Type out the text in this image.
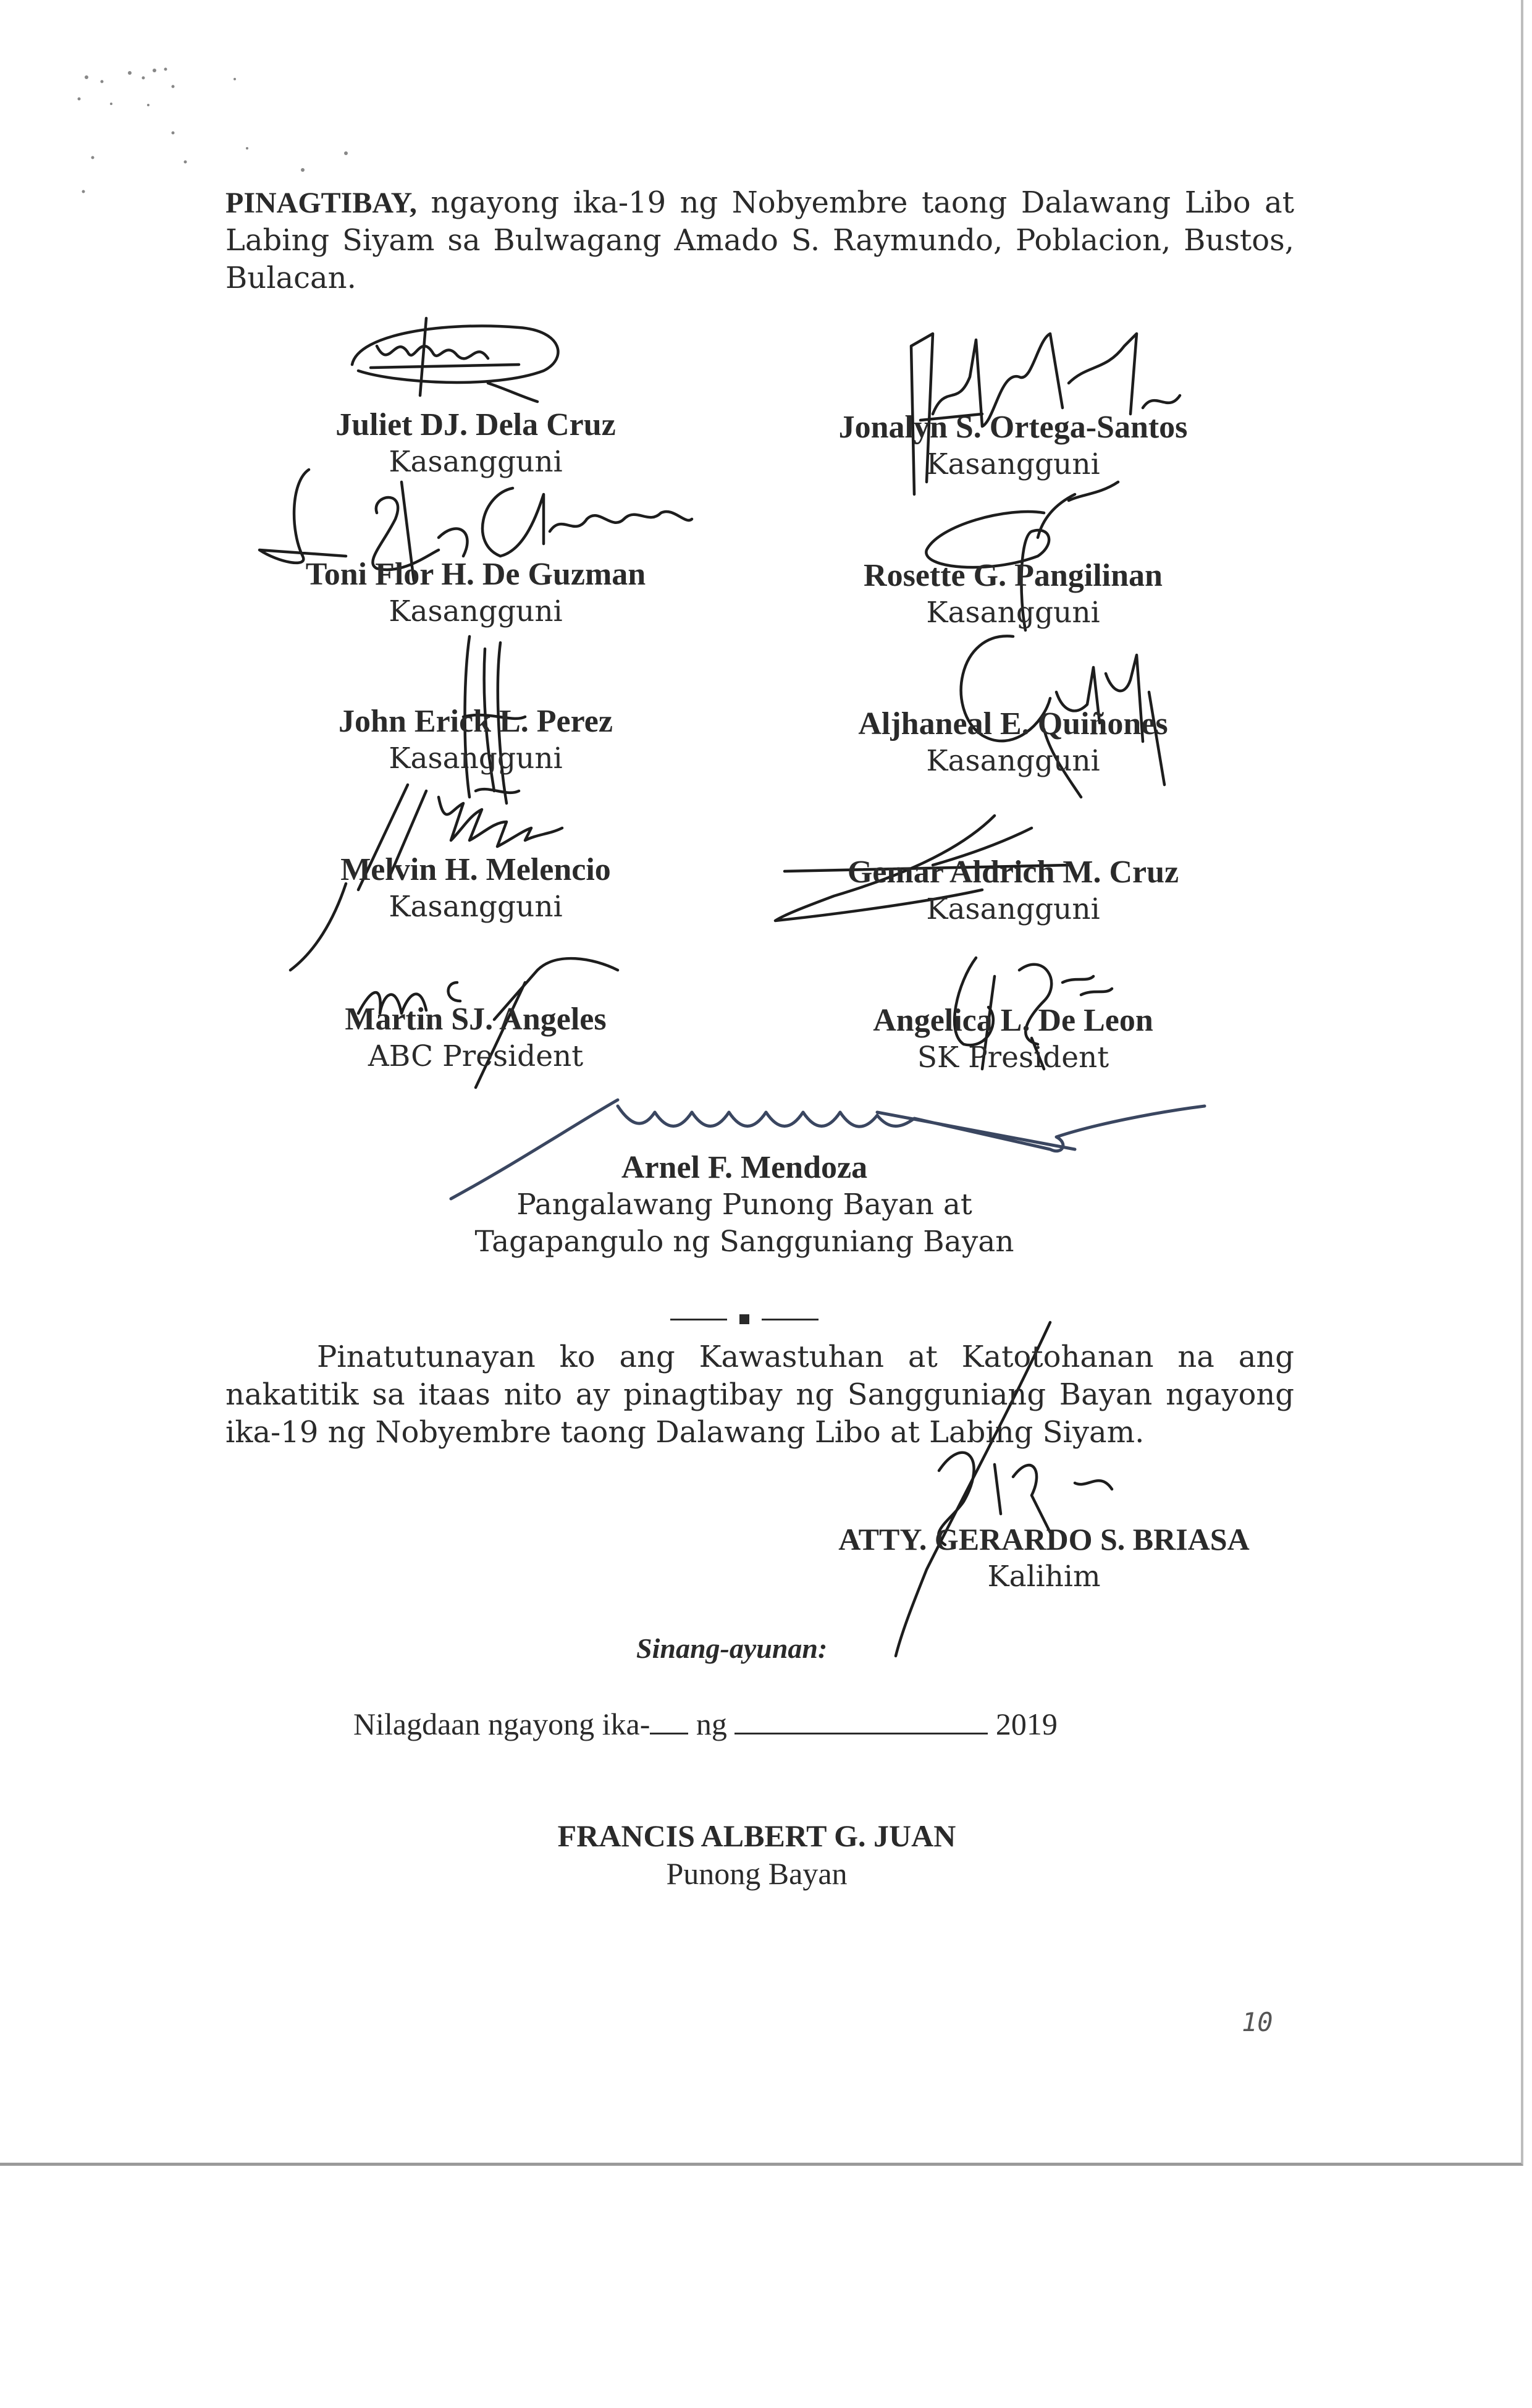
PINAGTIBAY, ngayong ika-19 ng Nobyembre taong Dalawang Libo at Labing Siyam sa Bulwagang Amado S. Raymundo, Poblacion, Bustos, Bulacan.

Juliet DJ. Dela Cruz
Kasangguni
Jonalyn S. Ortega-Santos
Kasangguni
Toni Flor H. De Guzman
Kasangguni
Rosette G. Pangilinan
Kasangguni
John Erick L. Perez
Kasangguni
Aljhaneal E. Quiñones
Kasangguni
Melvin H. Melencio
Kasangguni
Gemar Aldrich M. Cruz
Kasangguni
Martin SJ. Angeles
ABC President
Angelica L. De Leon
SK President
Arnel F. Mendoza
Pangalawang Punong Bayan at
Tagapangulo ng Sangguniang Bayan

Pinatutunayan ko ang Kawastuhan at Katotohanan na ang nakatitik sa itaas nito ay pinagtibay ng Sangguniang Bayan ngayong ika-19 ng Nobyembre taong Dalawang Libo at Labing Siyam.

ATTY. GERARDO S. BRIASA
Kalihim
Sinang-ayunan:
Nilagdaan ngayong ika- ng	2019
FRANCIS ALBERT G. JUAN
Punong Bayan
10
